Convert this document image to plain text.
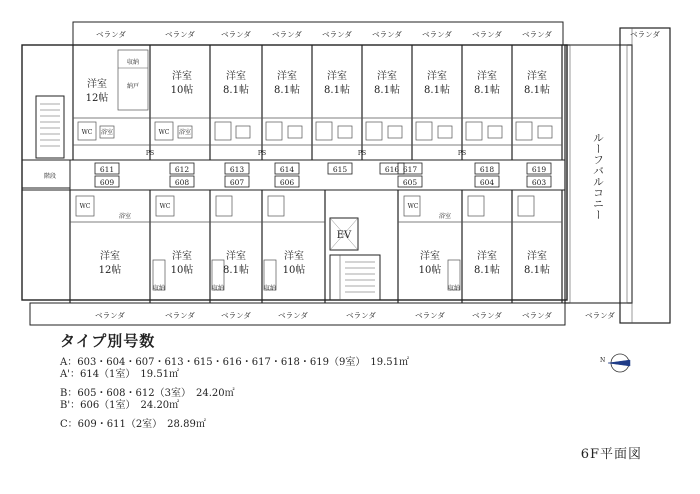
ベランダ	ベランダ	ベランダ	ベランダ	ベランダ	ベランダ	ベランダ	ベランダ	ベランダ	ベランダ
ベランダ	ベランダ	ベランダ	ベランダ	ベランダ	ベランダ	ベランダ	ベランダ	ベランダ
洋室
12帖
洋室
10帖
洋室
8.1帖
洋室
8.1帖
洋室
8.1帖
洋室
8.1帖
洋室
8.1帖
洋室
8.1帖
洋室
8.1帖
洋室
12帖
洋室
10帖
洋室
8.1帖
洋室
10帖
洋室
10帖
洋室
8.1帖
洋室
8.1帖
WC	WC
浴室	浴室
PS	PS	PS	PS
WC	WC	WC
浴室	浴室
収納
納戸
収納	収納	収納	収納
階段
611	612	613	614	615	616 617	618	619
609	608	607	606	605	604	603
EV
ルーフバルコニー
タイプ別号数
A：603・604・607・613・615・616・617・618・619（9室）　19.51㎡
A'：614（1室）　19.51㎡
B：605・608・612（3室）　24.20㎡
B'：606（1室）　24.20㎡
C：609・611（2室）　28.89㎡
N
6F平面図
